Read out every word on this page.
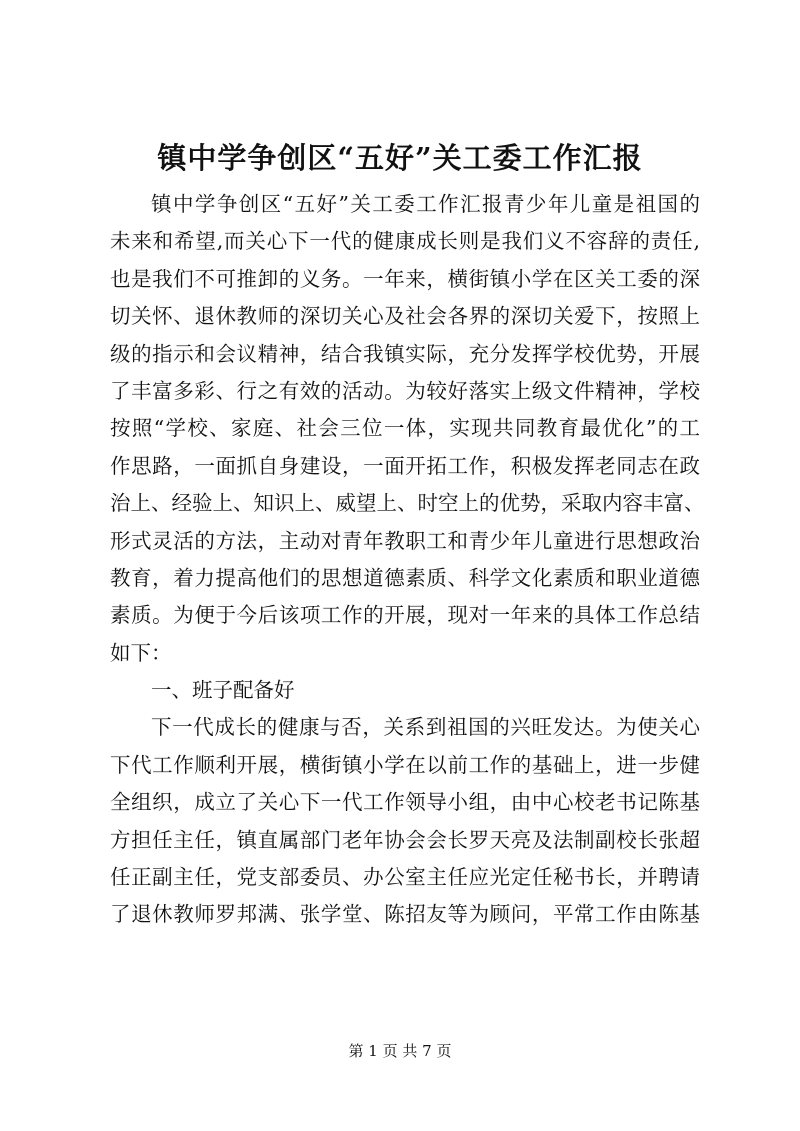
镇中学争创区“五好”关工委工作汇报
镇中学争创区“五好”关工委工作汇报青少年儿童是祖国的
未来和希望,而关心下一代的健康成长则是我们义不容辞的责任,
也是我们不可推卸的义务。一年来，横街镇小学在区关工委的深
切关怀、退休教师的深切关心及社会各界的深切关爱下，按照上
级的指示和会议精神，结合我镇实际，充分发挥学校优势，开展
了丰富多彩、行之有效的活动。为较好落实上级文件精神，学校
按照“学校、家庭、社会三位一体，实现共同教育最优化”的工
作思路，一面抓自身建设，一面开拓工作，积极发挥老同志在政
治上、经验上、知识上、威望上、时空上的优势，采取内容丰富、
形式灵活的方法，主动对青年教职工和青少年儿童进行思想政治
教育，着力提高他们的思想道德素质、科学文化素质和职业道德
素质。为便于今后该项工作的开展，现对一年来的具体工作总结
如下：
一、班子配备好
下一代成长的健康与否，关系到祖国的兴旺发达。为使关心
下代工作顺利开展，横街镇小学在以前工作的基础上，进一步健
全组织，成立了关心下一代工作领导小组，由中心校老书记陈基
方担任主任，镇直属部门老年协会会长罗天亮及法制副校长张超
任正副主任，党支部委员、办公室主任应光定任秘书长，并聘请
了退休教师罗邦满、张学堂、陈招友等为顾问，平常工作由陈基
第 1 页 共 7 页
